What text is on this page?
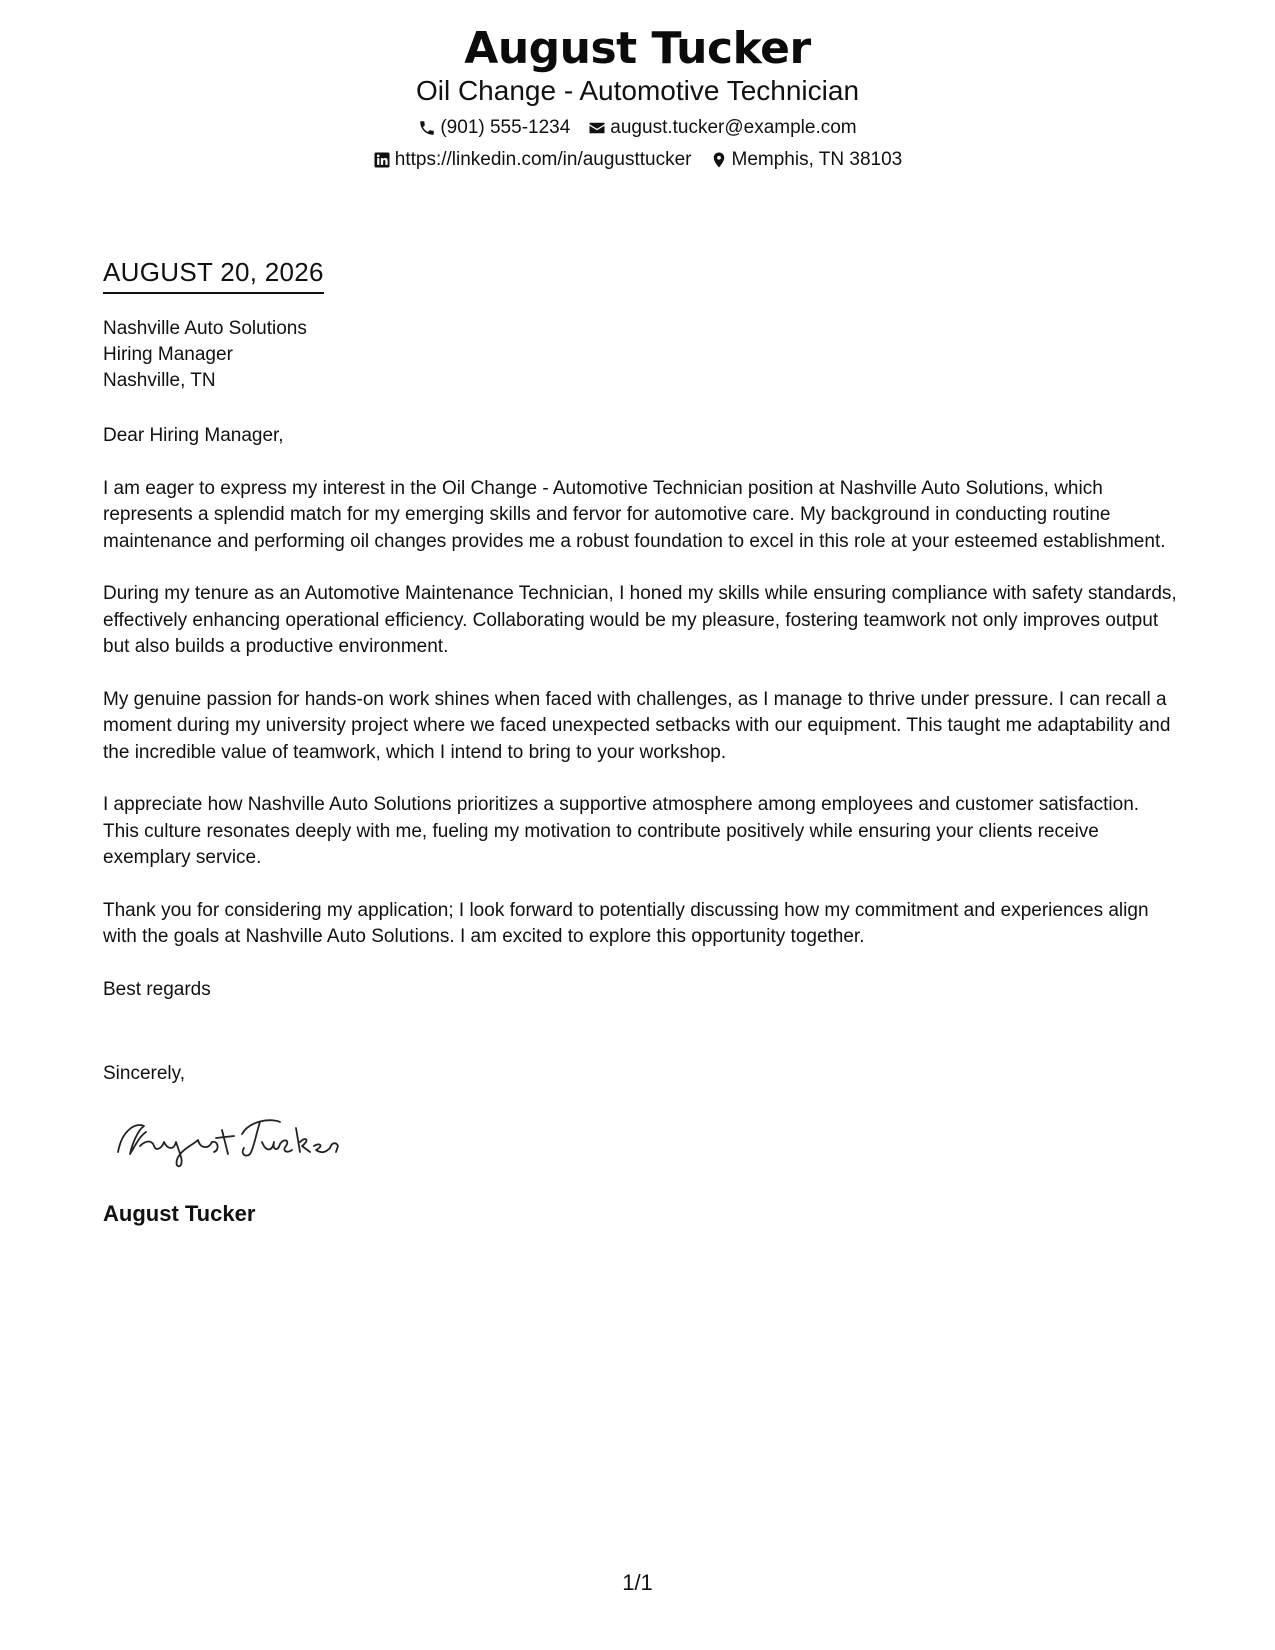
August Tucker
Oil Change - Automotive Technician
(901) 555-1234 august.tucker@example.com
https://linkedin.com/in/augusttucker Memphis, TN 38103
AUGUST 20, 2026
Nashville Auto Solutions
Hiring Manager
Nashville, TN

Dear Hiring Manager,

I am eager to express my interest in the Oil Change - Automotive Technician position at Nashville Auto Solutions, which represents a splendid match for my emerging skills and fervor for automotive care. My background in conducting routine maintenance and performing oil changes provides me a robust foundation to excel in this role at your esteemed establishment.

During my tenure as an Automotive Maintenance Technician, I honed my skills while ensuring compliance with safety standards, effectively enhancing operational efficiency. Collaborating would be my pleasure, fostering teamwork not only improves output but also builds a productive environment.

My genuine passion for hands-on work shines when faced with challenges, as I manage to thrive under pressure. I can recall a moment during my university project where we faced unexpected setbacks with our equipment. This taught me adaptability and the incredible value of teamwork, which I intend to bring to your workshop.

I appreciate how Nashville Auto Solutions prioritizes a supportive atmosphere among employees and customer satisfaction. This culture resonates deeply with me, fueling my motivation to contribute positively while ensuring your clients receive exemplary service.

Thank you for considering my application; I look forward to potentially discussing how my commitment and experiences align with the goals at Nashville Auto Solutions. I am excited to explore this opportunity together.

Best regards

Sincerely,
August Tucker
1/1
